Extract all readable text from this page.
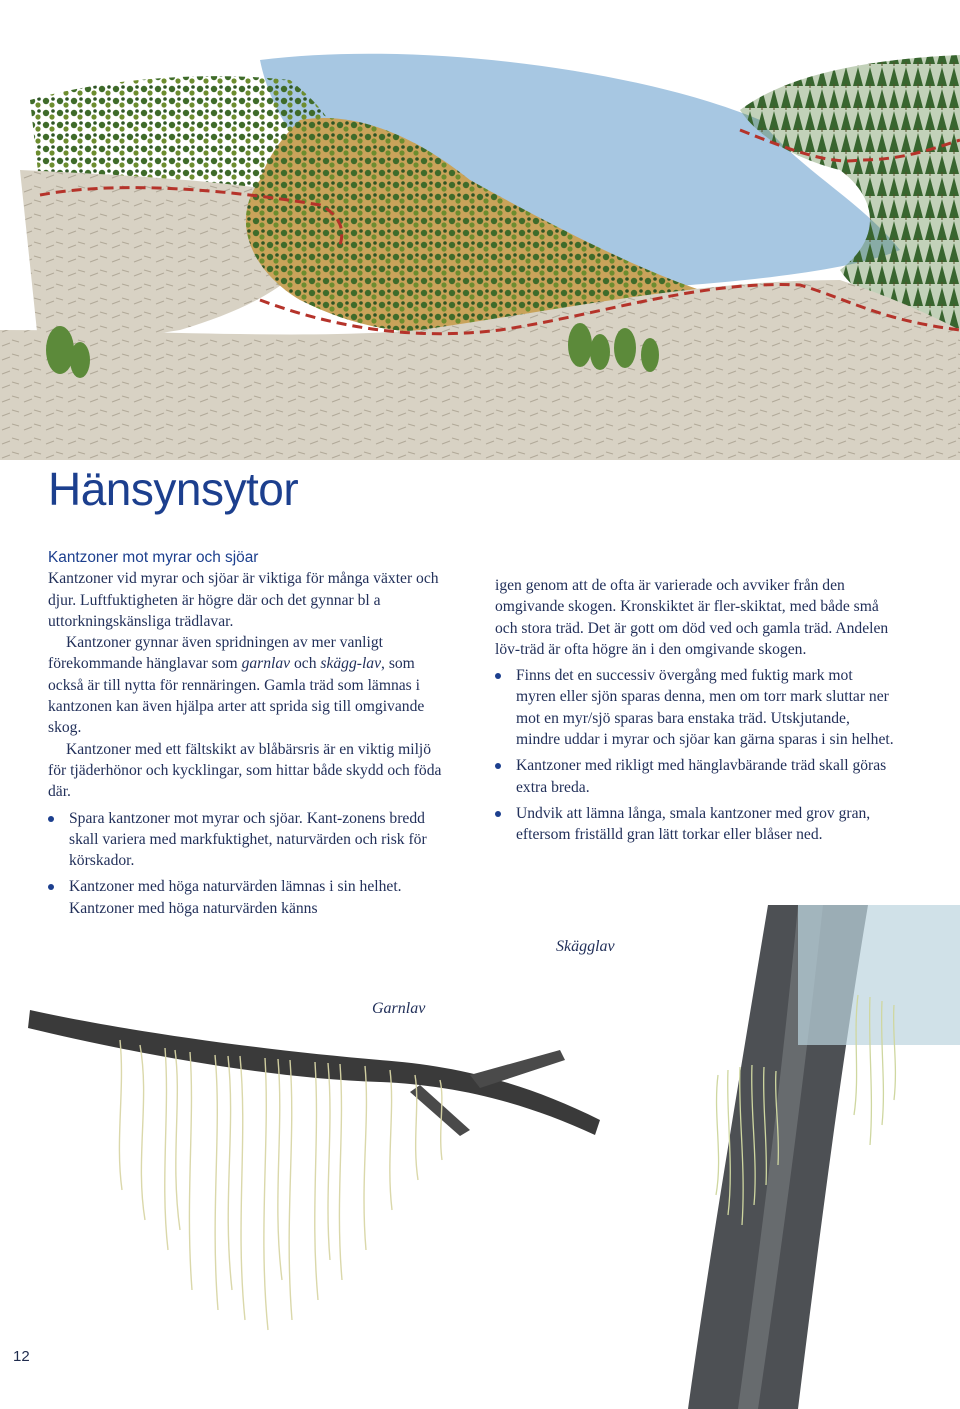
Hänsynsytor

Kantzoner mot myrar och sjöar

Kantzoner vid myrar och sjöar är viktiga för många växter och djur. Luftfuktigheten är högre där och det gynnar bl a uttorkningskänsliga trädlavar.

Kantzoner gynnar även spridningen av mer vanligt förekommande hänglavar som garnlav och skägg-lav, som också är till nytta för rennäringen. Gamla träd som lämnas i kantzonen kan även hjälpa arter att sprida sig till omgivande skog.

Kantzoner med ett fältskikt av blåbärsris är en viktig miljö för tjäderhönor och kycklingar, som hittar både skydd och föda där.

Spara kantzoner mot myrar och sjöar. Kant-zonens bredd skall variera med markfuktighet, naturvärden och risk för körskador.
Kantzoner med höga naturvärden lämnas i sin helhet. Kantzoner med höga naturvärden känns

igen genom att de ofta är varierade och avviker från den omgivande skogen. Kronskiktet är fler-skiktat, med både små och stora träd. Det är gott om död ved och gamla träd. Andelen löv-träd är ofta högre än i den omgivande skogen.

Finns det en successiv övergång med fuktig mark mot myren eller sjön sparas denna, men om torr mark sluttar ner mot en myr/sjö sparas bara enstaka träd. Utskjutande, mindre uddar i myrar och sjöar kan gärna sparas i sin helhet.
Kantzoner med rikligt med hänglavbärande träd skall göras extra breda.
Undvik att lämna långa, smala kantzoner med grov gran, eftersom friställd gran lätt torkar eller blåser ned.
Skägglav
Garnlav
12
